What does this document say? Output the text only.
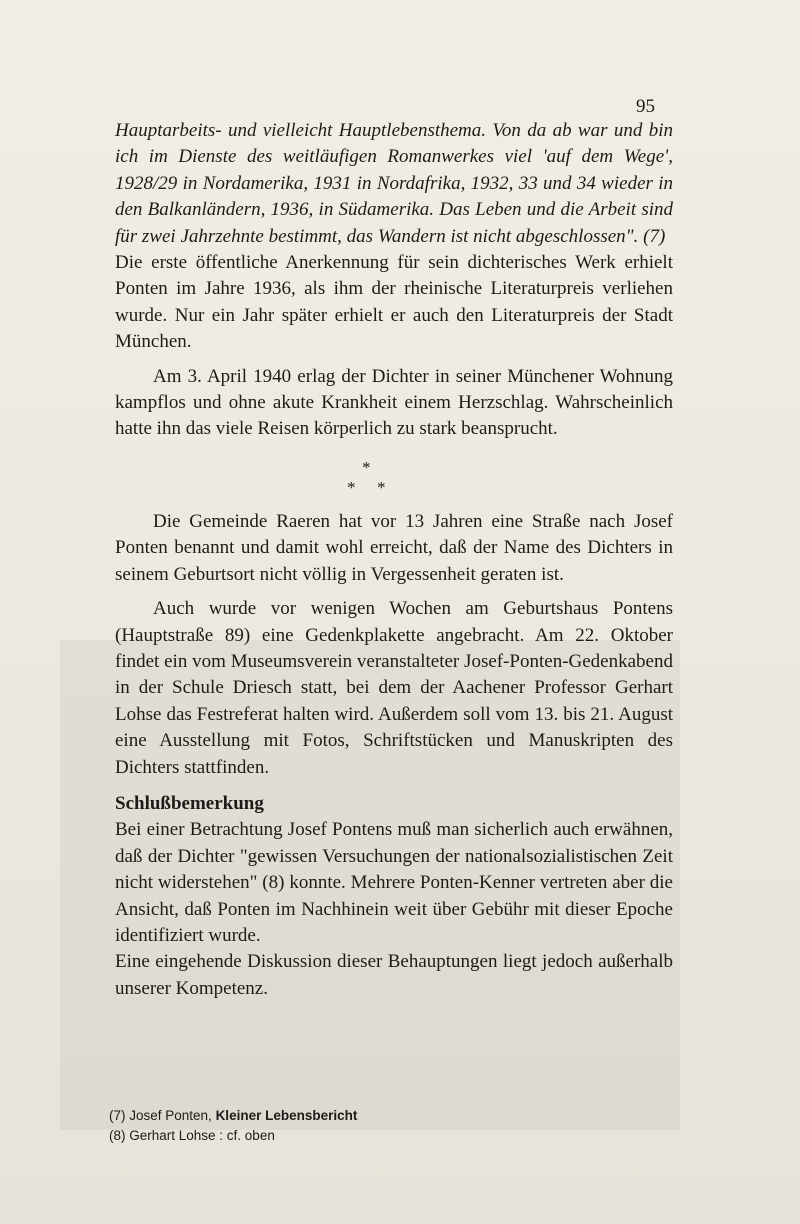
95

Hauptarbeits- und vielleicht Hauptlebensthema. Von da ab war und bin ich im Dienste des weitläufigen Romanwerkes viel 'auf dem Wege', 1928/29 in Nordamerika, 1931 in Nordafrika, 1932, 33 und 34 wieder in den Balkanländern, 1936, in Südamerika. Das Leben und die Arbeit sind für zwei Jahrzehnte bestimmt, das Wandern ist nicht abgeschlossen". (7)

Die erste öffentliche Anerkennung für sein dichterisches Werk erhielt Ponten im Jahre 1936, als ihm der rheinische Literaturpreis verliehen wurde. Nur ein Jahr später erhielt er auch den Literaturpreis der Stadt München.

Am 3. April 1940 erlag der Dichter in seiner Münchener Wohnung kampflos und ohne akute Krankheit einem Herzschlag. Wahrscheinlich hatte ihn das viele Reisen körperlich zu stark beansprucht.

*
* *

Die Gemeinde Raeren hat vor 13 Jahren eine Straße nach Josef Ponten benannt und damit wohl erreicht, daß der Name des Dichters in seinem Geburtsort nicht völlig in Vergessenheit geraten ist.

Auch wurde vor wenigen Wochen am Geburtshaus Pontens (Hauptstraße 89) eine Gedenkplakette angebracht. Am 22. Oktober findet ein vom Museumsverein veranstalteter Josef-Ponten-Gedenkabend in der Schule Driesch statt, bei dem der Aachener Professor Gerhart Lohse das Festreferat halten wird. Außerdem soll vom 13. bis 21. August eine Ausstellung mit Fotos, Schriftstücken und Manuskripten des Dichters stattfinden.

Schlußbemerkung

Bei einer Betrachtung Josef Pontens muß man sicherlich auch erwähnen, daß der Dichter "gewissen Versuchungen der nationalsozialistischen Zeit nicht widerstehen" (8) konnte. Mehrere Ponten-Kenner vertreten aber die Ansicht, daß Ponten im Nachhinein weit über Gebühr mit dieser Epoche identifiziert wurde.

Eine eingehende Diskussion dieser Behauptungen liegt jedoch außerhalb unserer Kompetenz.

(7) Josef Ponten, Kleiner Lebensbericht
(8) Gerhart Lohse : cf. oben
